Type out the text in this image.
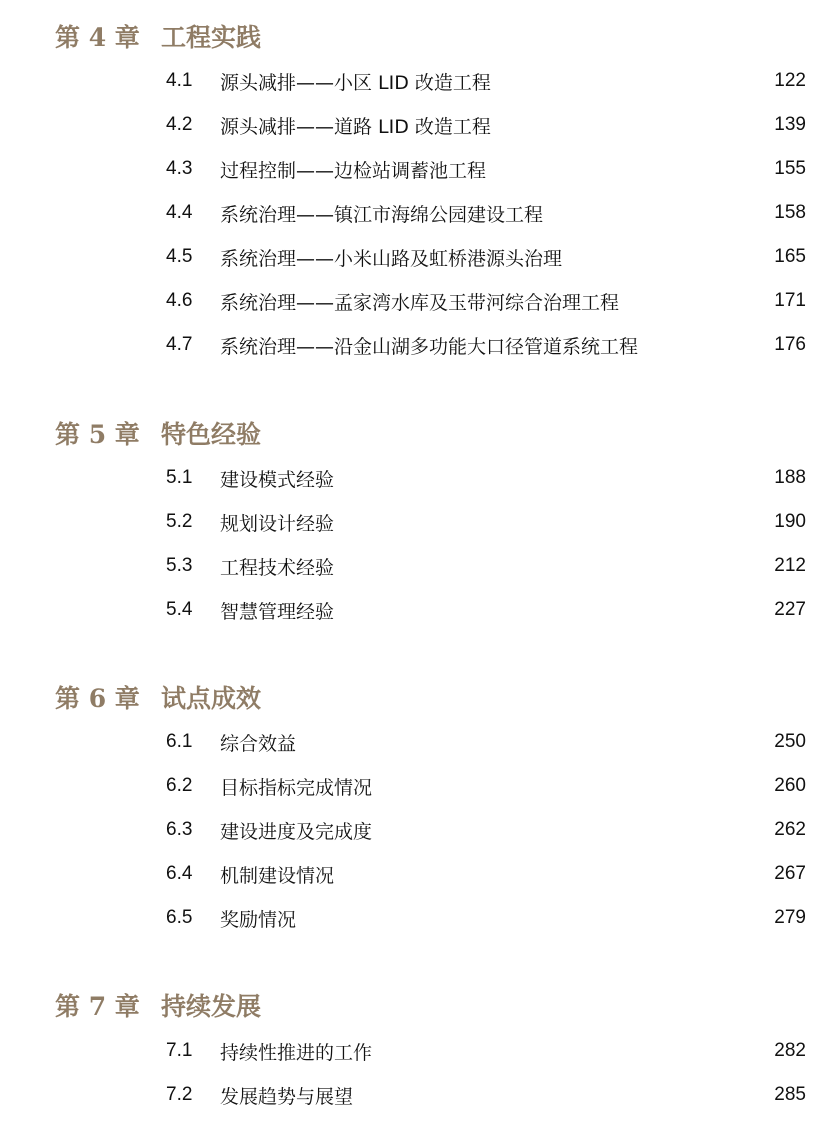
第 4 章 工程实践
4.1	源头减排——小区 LID 改造工程	122
4.2	源头减排——道路 LID 改造工程	139
4.3	过程控制——边检站调蓄池工程	155
4.4	系统治理——镇江市海绵公园建设工程	158
4.5	系统治理——小米山路及虹桥港源头治理	165
4.6	系统治理——孟家湾水库及玉带河综合治理工程	171
4.7	系统治理——沿金山湖多功能大口径管道系统工程	176
第 5 章 特色经验
5.1	建设模式经验	188
5.2	规划设计经验	190
5.3	工程技术经验	212
5.4	智慧管理经验	227
第 6 章 试点成效
6.1	综合效益	250
6.2	目标指标完成情况	260
6.3	建设进度及完成度	262
6.4	机制建设情况	267
6.5	奖励情况	279
第 7 章 持续发展
7.1	持续性推进的工作	282
7.2	发展趋势与展望	285
